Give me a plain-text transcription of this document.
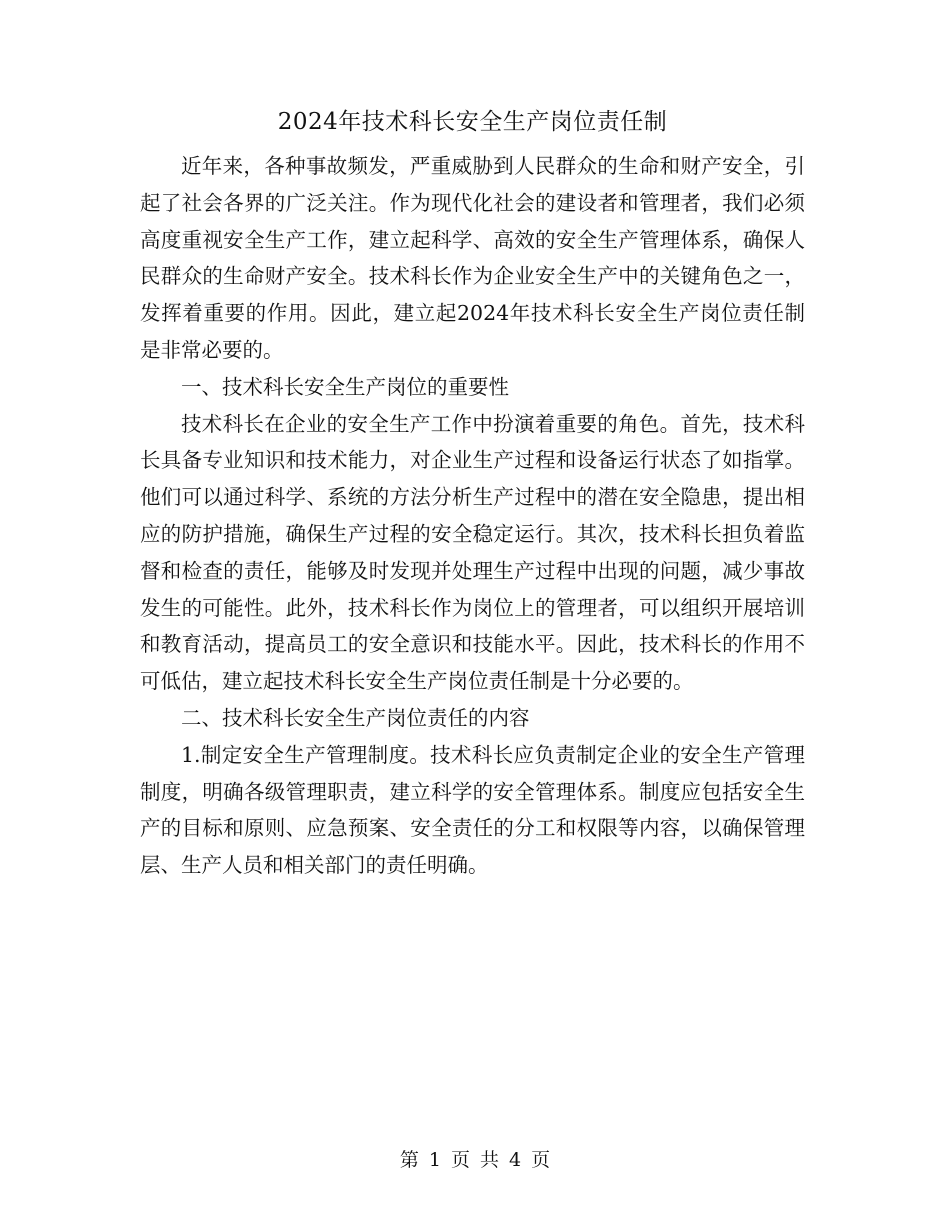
2024年技术科长安全生产岗位责任制

近年来，各种事故频发，严重威胁到人民群众的生命和财产安全，引起了社会各界的广泛关注。作为现代化社会的建设者和管理者，我们必须高度重视安全生产工作，建立起科学、高效的安全生产管理体系，确保人民群众的生命财产安全。技术科长作为企业安全生产中的关键角色之一，发挥着重要的作用。因此，建立起2024年技术科长安全生产岗位责任制是非常必要的。

一、技术科长安全生产岗位的重要性

技术科长在企业的安全生产工作中扮演着重要的角色。首先，技术科长具备专业知识和技术能力，对企业生产过程和设备运行状态了如指掌。他们可以通过科学、系统的方法分析生产过程中的潜在安全隐患，提出相应的防护措施，确保生产过程的安全稳定运行。其次，技术科长担负着监督和检查的责任，能够及时发现并处理生产过程中出现的问题，减少事故发生的可能性。此外，技术科长作为岗位上的管理者，可以组织开展培训和教育活动，提高员工的安全意识和技能水平。因此，技术科长的作用不可低估，建立起技术科长安全生产岗位责任制是十分必要的。

二、技术科长安全生产岗位责任的内容

1.制定安全生产管理制度。技术科长应负责制定企业的安全生产管理制度，明确各级管理职责，建立科学的安全管理体系。制度应包括安全生产的目标和原则、应急预案、安全责任的分工和权限等内容，以确保管理层、生产人员和相关部门的责任明确。

第 1 页 共 4 页
